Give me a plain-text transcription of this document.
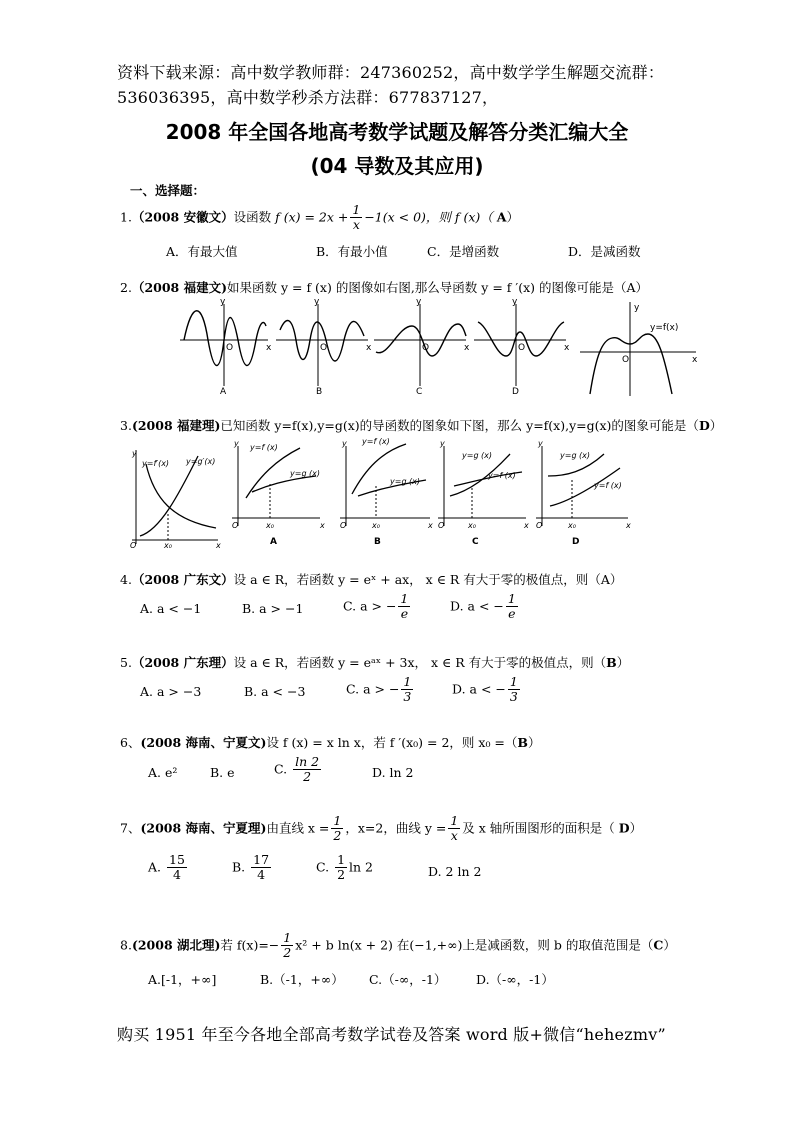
资料下载来源：高中数学教师群：247360252，高中数学学生解题交流群：
536036395，高中数学秒杀方法群：677837127，
2008 年全国各地高考数学试题及解答分类汇编大全
(04 导数及其应用)
一、选择题：
1.（2008 安徽文）设函数 f $(x) = 2x + \frac{1}{x} -1(x < 0)$，则 f (x)（ A）
A．有最大值	B．有最小值	C．是增函数	D．是减函数
2.（2008 福建文)如果函数 y = f (x) 的图像如右图,那么导函数 y = f ′(x) 的图像可能是（A）
y
x
O
y
x
O
y
x
O
y
x
O
y
x
O
y=f(x)
A	B	C	D
3.(2008 福建理)已知函数 y=f(x),y=g(x)的导函数的图象如下图，那么 y=f(x),y=g(x)的图象可能是（D）
y
x
O	x₀
y=f′(x) y=g′(x)
y
x
O	x₀
y=f (x)
y=g (x)
y
x
O	x₀
y=f (x)
y=g (x)
y
x
O	x₀
y=g (x)
y=f (x)
y
x
O	x₀
y=g (x)
y=f (x)
A	B	C	D
4.（2008 广东文）设 a ∈ R，若函数 y = eˣ + ax， x ∈ R 有大于零的极值点，则（A）
A. a < −1	B. a > −1	C. a > − $\frac{1}{e}$	D. a < − $\frac{1}{e}$
5.（2008 广东理）设 a ∈ R，若函数 y = eᵃˣ + 3x， x ∈ R 有大于零的极值点，则（B）
A. a > −3	B. a < −3	C. a > − $\frac{1}{3}$	D. a < − $\frac{1}{3}$
6、(2008 海南、宁夏文)设 f (x) = x ln x，若 f ′(x₀) = 2，则 x₀ =（B）
A. e²	B. e	C. $\frac{\ln 2}{2}$	D. ln 2
7、(2008 海南、宁夏理)由直线 $x = \frac{1}{2}$ ，x=2，曲线 $y = \frac{1}{x}$ 及 x 轴所围图形的面积是（ D）
A. $\frac{15}{4}$	B. $\frac{17}{4}$	C. $\frac{1}{2}$ ln 2	D. 2 ln 2
8.(2008 湖北理)若 $f(x)=- \frac{1}{2} x^2 + b$ ln(x + 2) 在(−1,+∞)上是减函数，则 b 的取值范围是（C）
A.[-1，+∞]	B.（-1，+∞） C.（-∞，-1） D.（-∞，-1）
购买 1951 年至今各地全部高考数学试卷及答案 word 版+微信“hehezmv”
